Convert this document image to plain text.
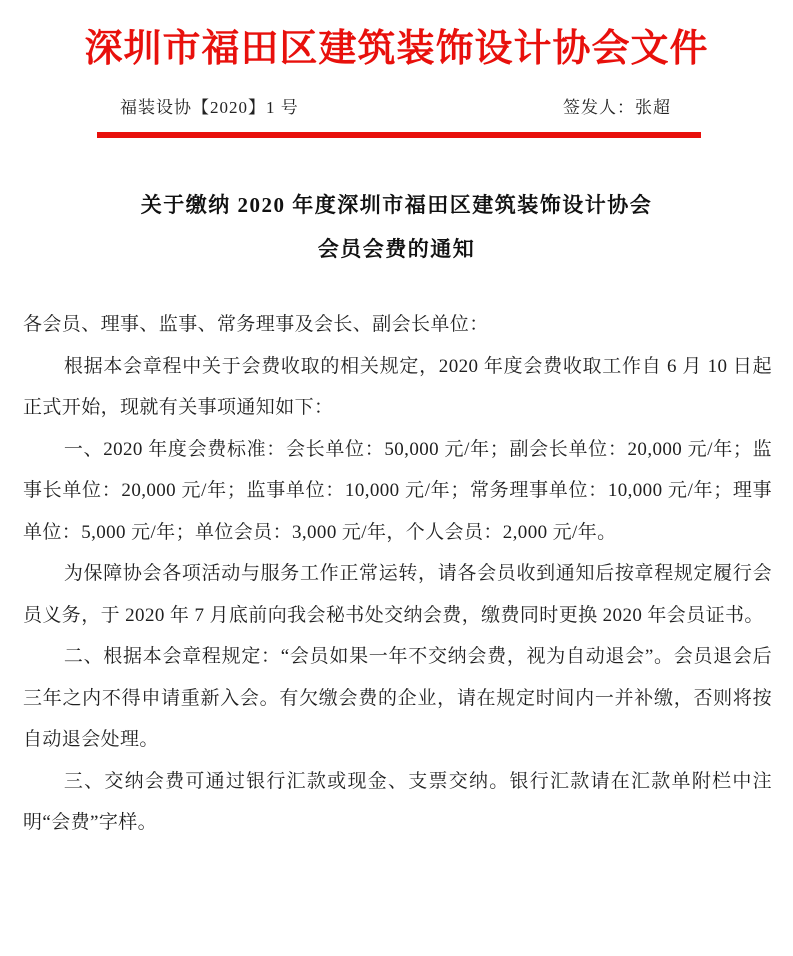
深圳市福田区建筑装饰设计协会文件
福装设协【2020】1 号	签发人：张超
关于缴纳 2020 年度深圳市福田区建筑装饰设计协会
会员会费的通知

各会员、理事、监事、常务理事及会长、副会长单位：

根据本会章程中关于会费收取的相关规定，2020 年度会费收取工作自 6 月 10 日起正式开始，现就有关事项通知如下：

一、2020 年度会费标准：会长单位：50,000 元/年；副会长单位：20,000 元/年；监事长单位：20,000 元/年；监事单位：10,000 元/年；常务理事单位：10,000 元/年；理事单位：5,000 元/年；单位会员：3,000 元/年，个人会员：2,000 元/年。

为保障协会各项活动与服务工作正常运转，请各会员收到通知后按章程规定履行会员义务，于 2020 年 7 月底前向我会秘书处交纳会费，缴费同时更换 2020 年会员证书。

二、根据本会章程规定：“会员如果一年不交纳会费，视为自动退会”。会员退会后三年之内不得申请重新入会。有欠缴会费的企业，请在规定时间内一并补缴，否则将按自动退会处理。

三、交纳会费可通过银行汇款或现金、支票交纳。银行汇款请在汇款单附栏中注明“会费”字样。
